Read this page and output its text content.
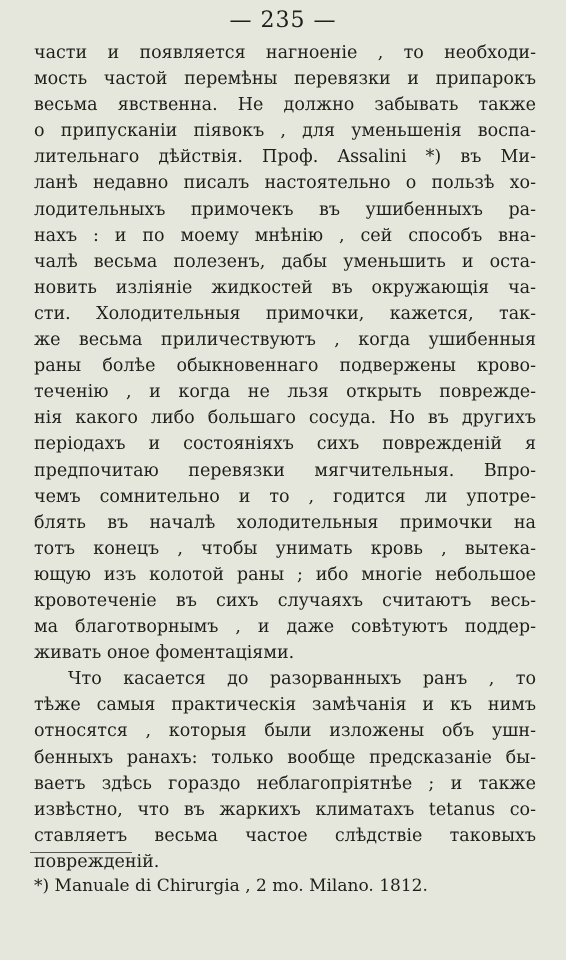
— 235 —
части и появляется нагноеніе , то необходи-
мость частой перемѣны перевязки и припарокъ
весьма явственна. Не должно забывать также
о припусканіи піявокъ , для уменьшенія воспа-
лительнаго дѣйствія. Проф. Assalini *) въ Ми-
ланѣ недавно писалъ настоятельно о пользѣ хо-
лодительныхъ примочекъ въ ушибенныхъ ра-
нахъ : и по моему мнѣнію , сей способъ вна-
чалѣ весьма полезенъ, дабы уменьшить и оста-
новить изліяніе жидкостей въ окружающія ча-
сти. Холодительныя примочки, кажется, так-
же весьма приличествуютъ , когда ушибенныя
раны болѣе обыкновеннаго подвержены крово-
теченію , и когда не льзя открыть поврежде-
нія какого либо большаго сосуда. Но въ другихъ
періодахъ и состояніяхъ сихъ поврежденій я
предпочитаю перевязки мягчительныя. Впро-
чемъ сомнительно и то , годится ли употре-
блять въ началѣ холодительныя примочки на
тотъ конецъ , чтобы унимать кровь , вытека-
ющую изъ колотой раны ; ибо многіе небольшое
кровотеченіе въ сихъ случаяхъ считаютъ весь-
ма благотворнымъ , и даже совѣтуютъ поддер-
живать оное фоментаціями.
Что касается до разорванныхъ ранъ , то
тѣже самыя практическія замѣчанія и къ нимъ
относятся , которыя были изложены объ ушн-
бенныхъ ранахъ: только вообще предсказаніе бы-
ваетъ здѣсь гораздо неблагопріятнѣе ; и также
извѣстно, что въ жаркихъ климатахъ tetanus со-
ставляетъ весьма частое слѣдствіе таковыхъ
поврежденій.
*) Manuale di Chirurgia , 2 mo. Milano. 1812.
